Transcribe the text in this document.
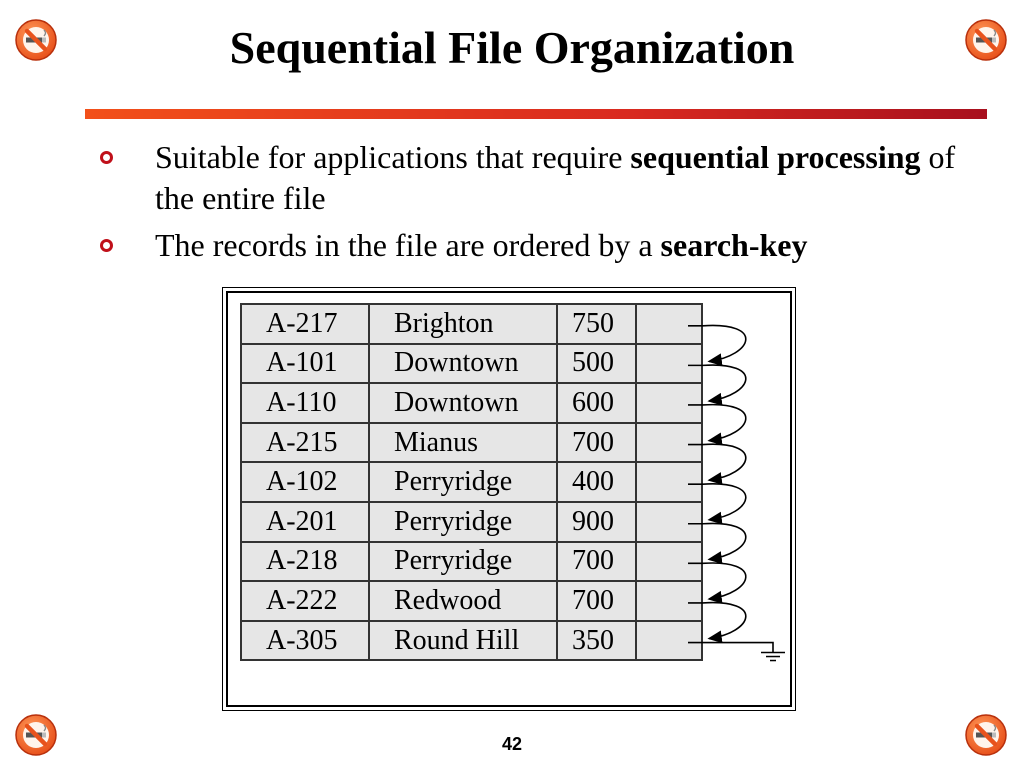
Sequential File Organization
Suitable for applications that require sequential processing of the entire file
The records in the file are ordered by a search-key
A-217	Brighton	750	
A-101	Downtown	500	
A-110	Downtown	600	
A-215	Mianus	700	
A-102	Perryridge	400	
A-201	Perryridge	900	
A-218	Perryridge	700	
A-222	Redwood	700	
A-305	Round Hill	350	
42
